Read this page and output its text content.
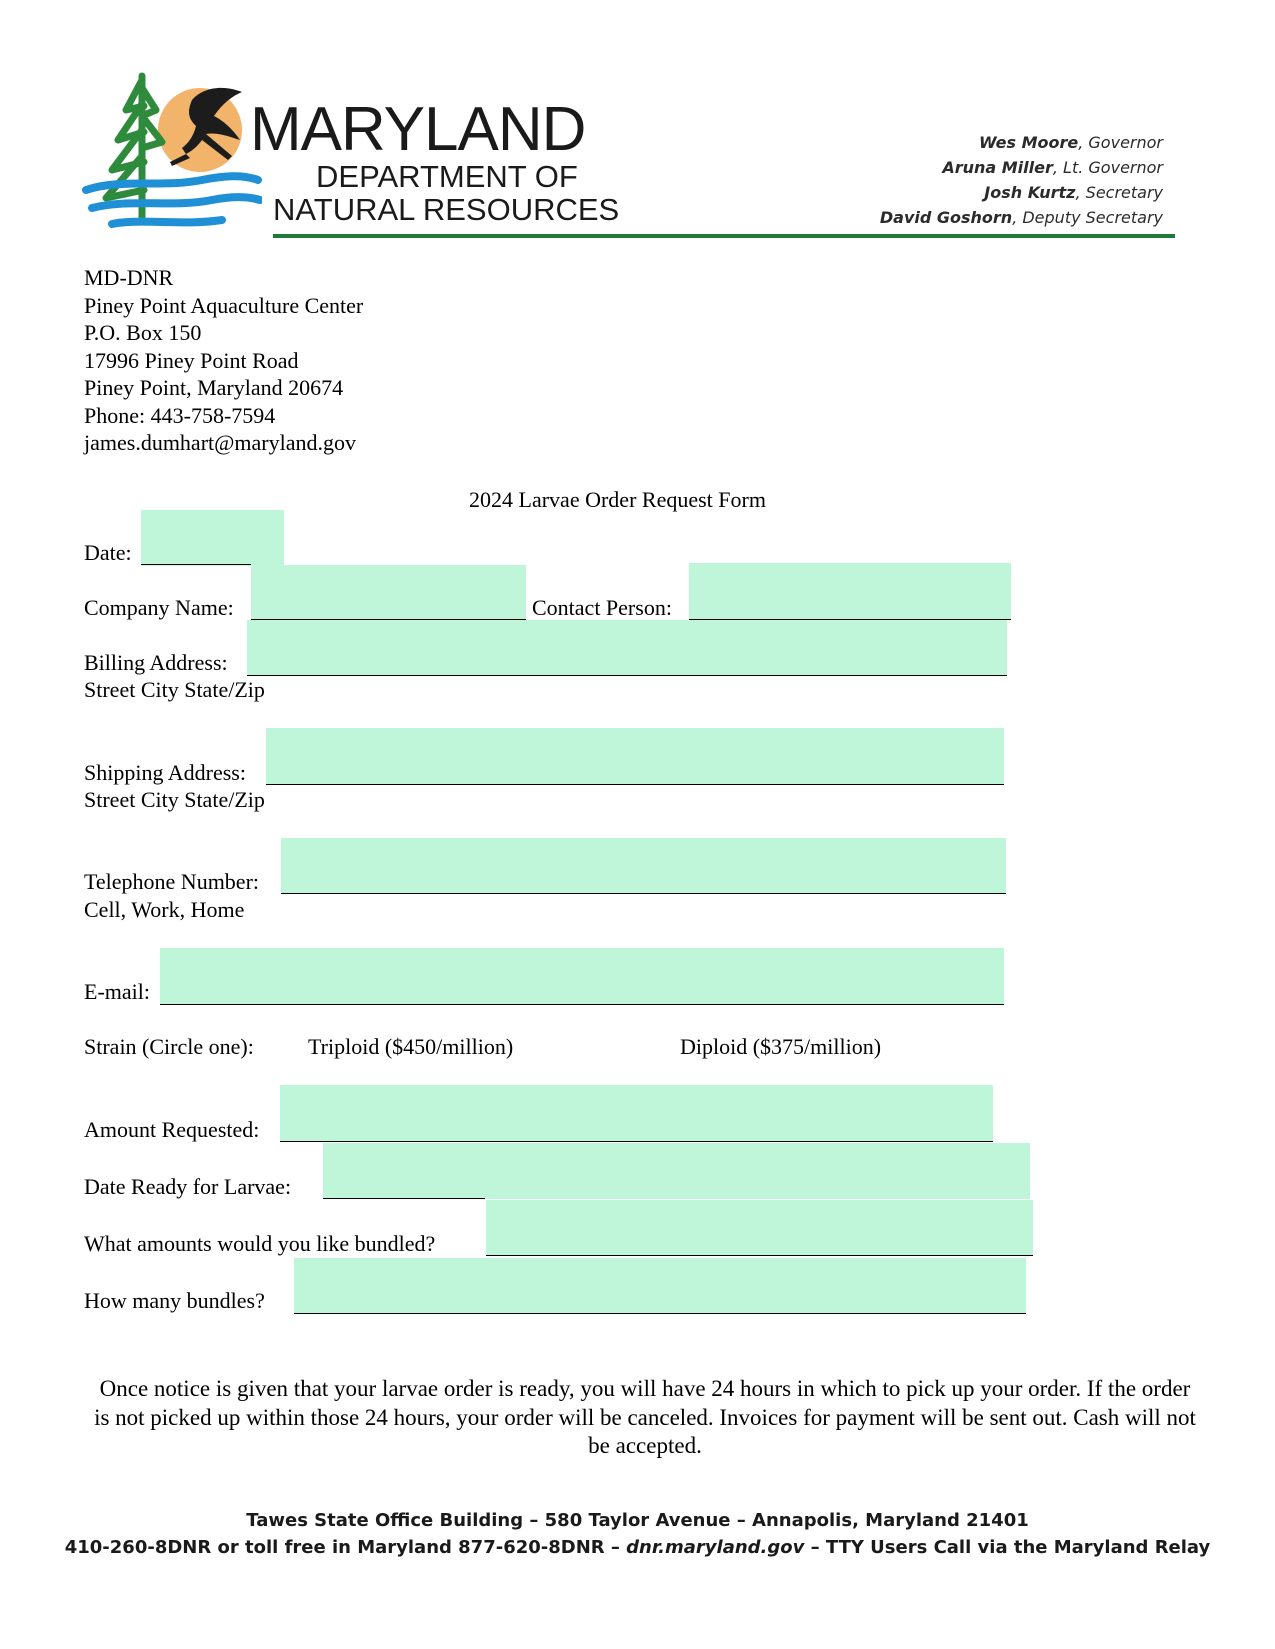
MARYLAND
DEPARTMENT OF
NATURAL RESOURCES
Wes Moore, Governor
Aruna Miller, Lt. Governor
Josh Kurtz, Secretary
David Goshorn, Deputy Secretary
MD-DNR
Piney Point Aquaculture Center
P.O. Box 150
17996 Piney Point Road
Piney Point, Maryland 20674
Phone: 443-758-7594
james.dumhart@maryland.gov
2024 Larvae Order Request Form
Date:
Company Name:	Contact Person:
Billing Address:
Street City State/Zip
Shipping Address:
Street City State/Zip
Telephone Number:
Cell, Work, Home
E-mail:
Strain (Circle one): Triploid ($450/million)	Diploid ($375/million)
Amount Requested:
Date Ready for Larvae:
What amounts would you like bundled?
How many bundles?
Once notice is given that your larvae order is ready, you will have 24 hours in which to pick up your order. If the order is not picked up within those 24 hours, your order will be canceled. Invoices for payment will be sent out. Cash will not be accepted.
Tawes State Office Building – 580 Taylor Avenue – Annapolis, Maryland 21401
410-260-8DNR or toll free in Maryland 877-620-8DNR – dnr.maryland.gov – TTY Users Call via the Maryland Relay
